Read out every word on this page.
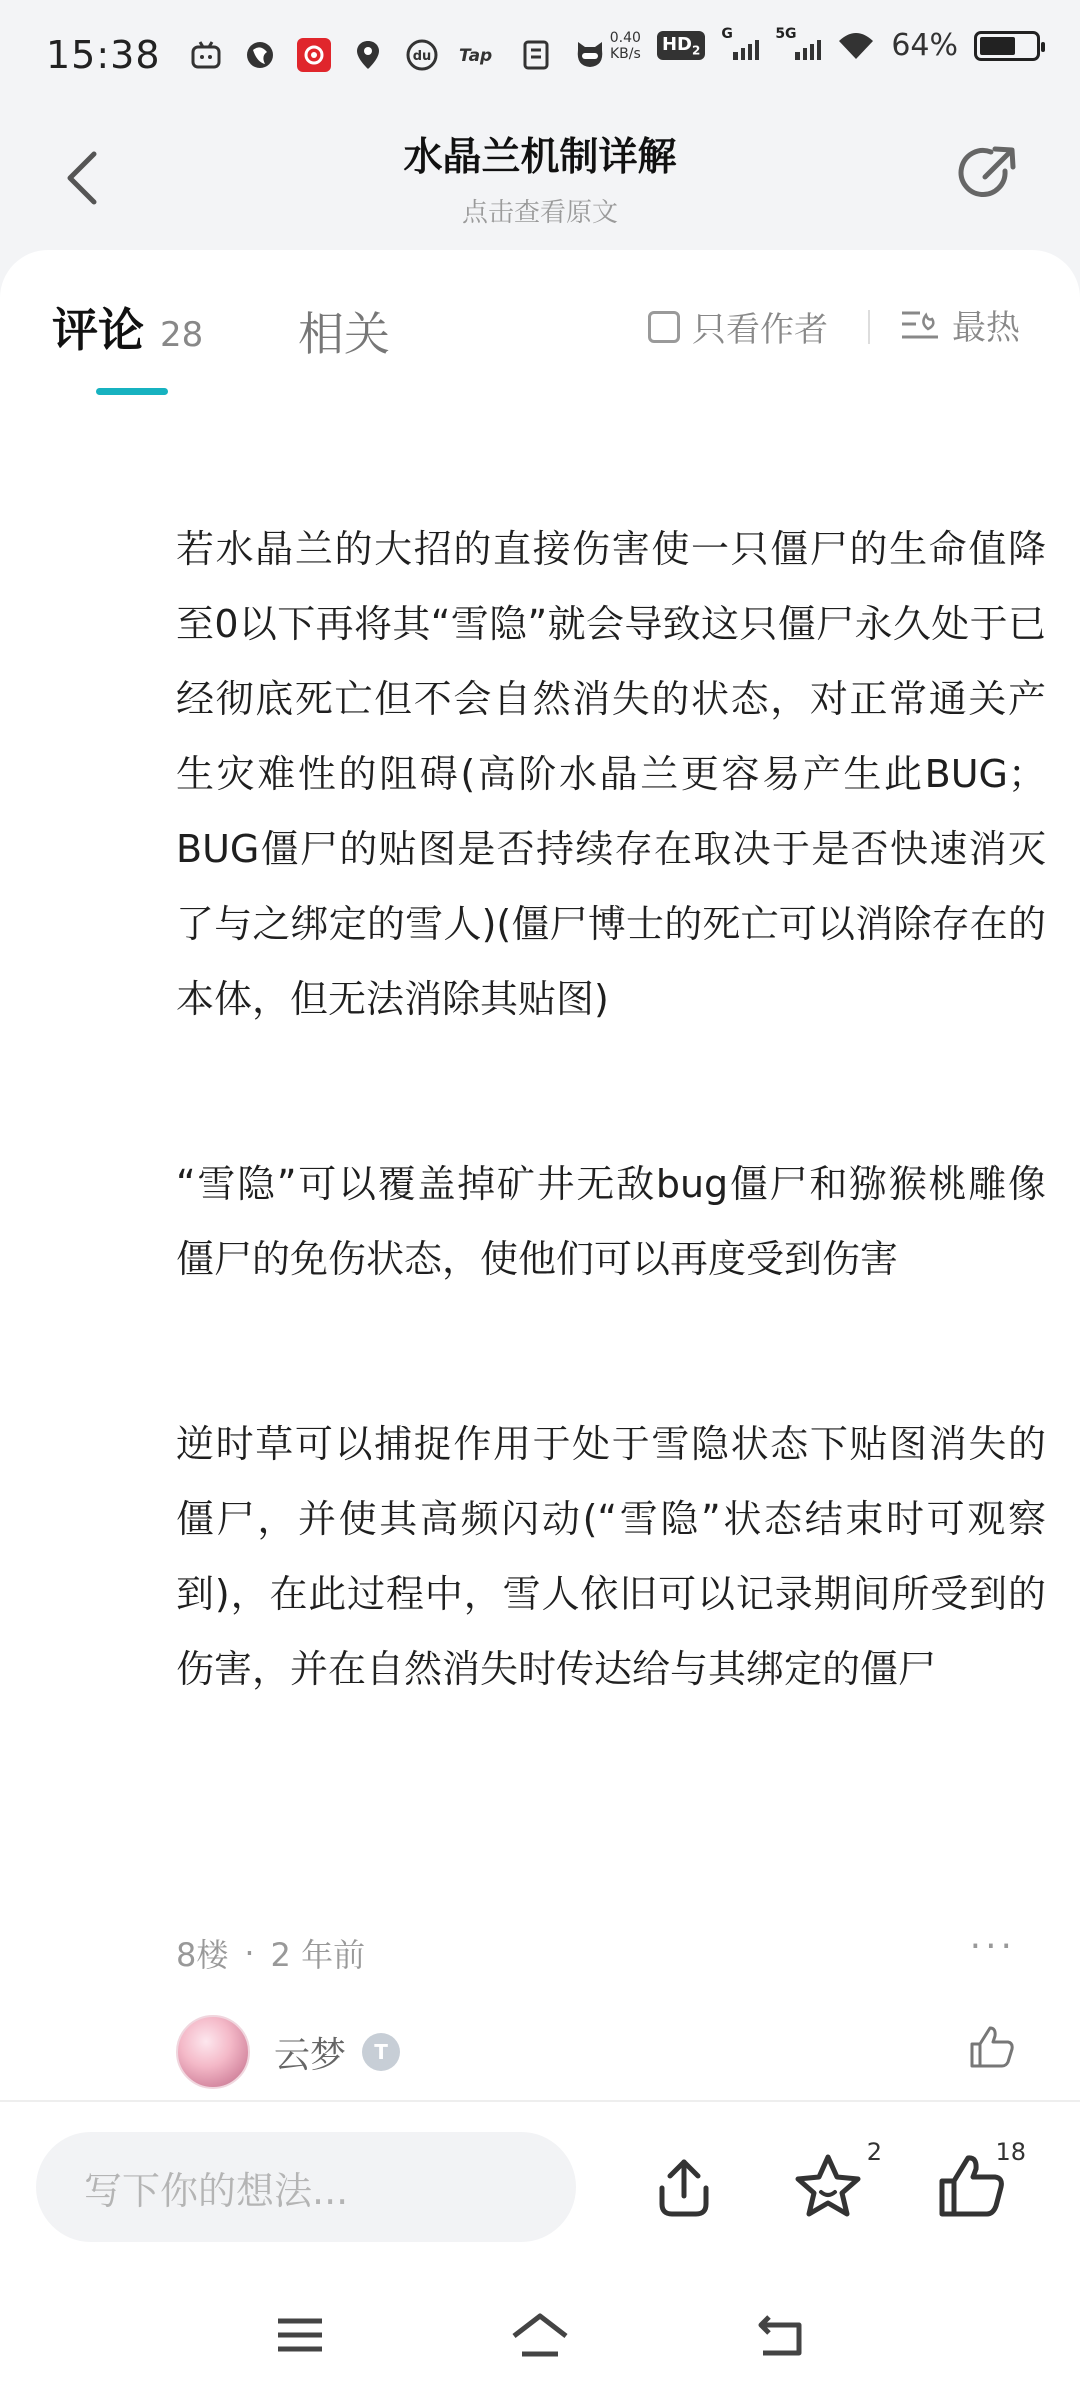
15:38	du Tap
0.40
KB/s $HD_2$
G	5G	64%
水晶兰机制详解
点击查看原文
评论 28 相关	只看作者	最热

若水晶兰的大招的直接伤害使一只僵尸的生命值降至0以下再将其“雪隐”就会导致这只僵尸永久处于已经彻底死亡但不会自然消失的状态，对正常通关产生灾难性的阻碍(高阶水晶兰更容易产生此BUG；BUG僵尸的贴图是否持续存在取决于是否快速消灭了与之绑定的雪人)(僵尸博士的死亡可以消除存在的本体，但无法消除其贴图)

“雪隐”可以覆盖掉矿井无敌bug僵尸和猕猴桃雕像僵尸的免伤状态，使他们可以再度受到伤害

逆时草可以捕捉作用于处于雪隐状态下贴图消失的僵尸，并使其高频闪动(“雪隐”状态结束时可观察到)，在此过程中，雪人依旧可以记录期间所受到的伤害，并在自然消失时传达给与其绑定的僵尸

8楼 · 2 年前	···
云梦	T
写下你的想法...
2	18
